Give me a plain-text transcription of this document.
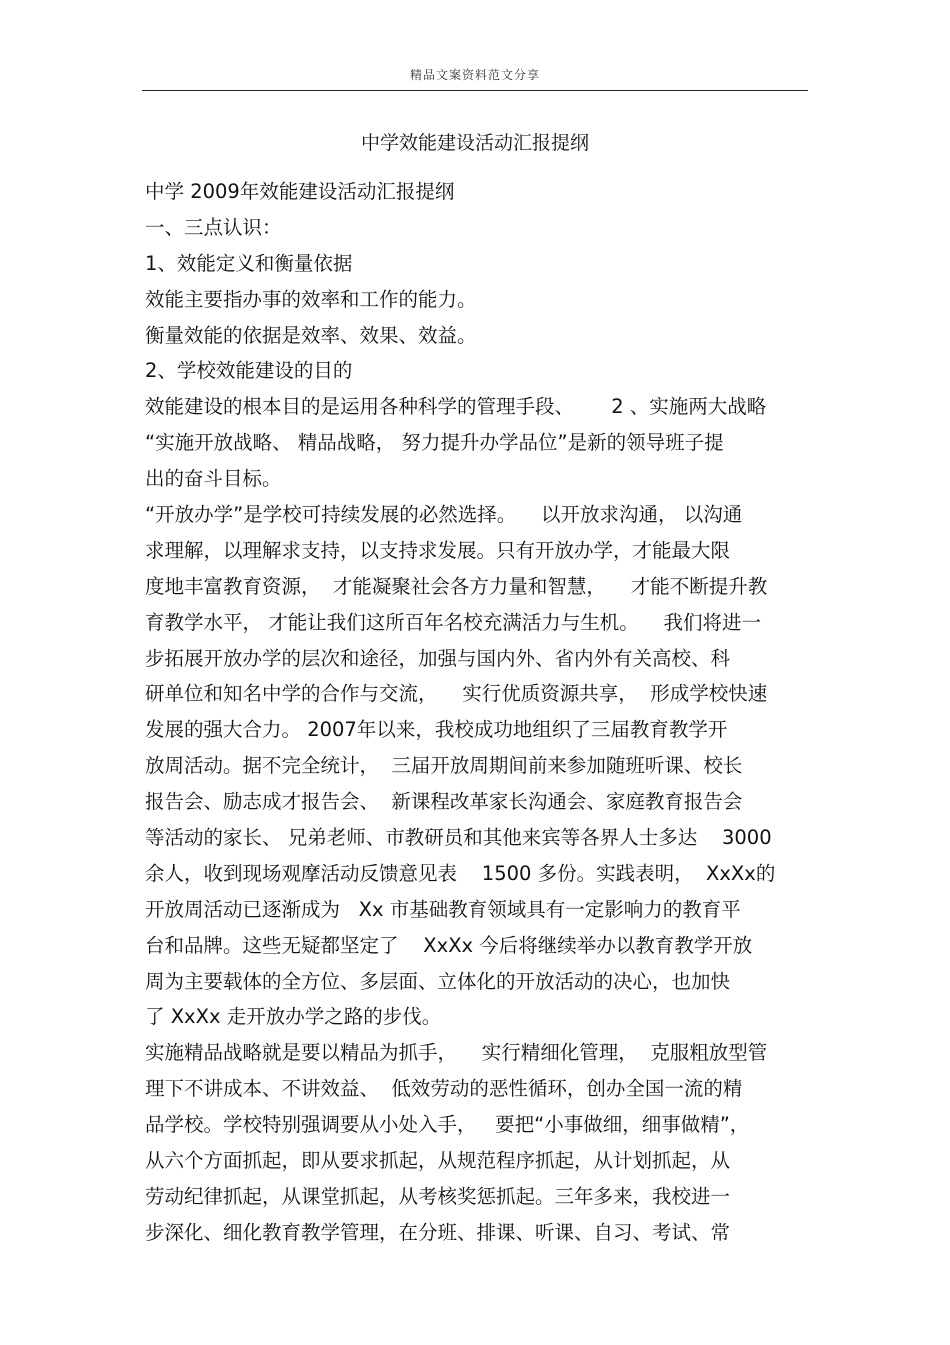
精品文案资料范文分享
中学效能建设活动汇报提纲
中学 2009年效能建设活动汇报提纲
一、三点认识：
1、效能定义和衡量依据
效能主要指办事的效率和工作的能力。
衡量效能的依据是效率、效果、效益。
2、学校效能建设的目的
效能建设的根本目的是运用各种科学的管理手段、      2 、实施两大战略
“实施开放战略、 精品战略， 努力提升办学品位”是新的领导班子提
出的奋斗目标。
“开放办学”是学校可持续发展的必然选择。    以开放求沟通， 以沟通
求理解，以理解求支持，以支持求发展。只有开放办学，才能最大限
度地丰富教育资源，  才能凝聚社会各方力量和智慧，    才能不断提升教
育教学水平， 才能让我们这所百年名校充满活力与生机。    我们将进一
步拓展开放办学的层次和途径，加强与国内外、省内外有关高校、科
研单位和知名中学的合作与交流，    实行优质资源共享，  形成学校快速
发展的强大合力。 2007年以来，我校成功地组织了三届教育教学开
放周活动。据不完全统计，  三届开放周期间前来参加随班听课、校长
报告会、励志成才报告会、  新课程改革家长沟通会、家庭教育报告会
等活动的家长、 兄弟老师、市教研员和其他来宾等各界人士多达    3000
余人，收到现场观摩活动反馈意见表    1500 多份。实践表明，  XxXx的
开放周活动已逐渐成为   Xx 市基础教育领域具有一定影响力的教育平
台和品牌。这些无疑都坚定了    XxXx 今后将继续举办以教育教学开放
周为主要载体的全方位、多层面、立体化的开放活动的决心，也加快
了 XxXx 走开放办学之路的步伐。
实施精品战略就是要以精品为抓手，    实行精细化管理，  克服粗放型管
理下不讲成本、不讲效益、  低效劳动的恶性循环，创办全国一流的精
品学校。学校特别强调要从小处入手，   要把“小事做细，细事做精”，
从六个方面抓起，即从要求抓起，从规范程序抓起，从计划抓起，从
劳动纪律抓起，从课堂抓起，从考核奖惩抓起。三年多来，我校进一
步深化、细化教育教学管理，在分班、排课、听课、自习、考试、常
